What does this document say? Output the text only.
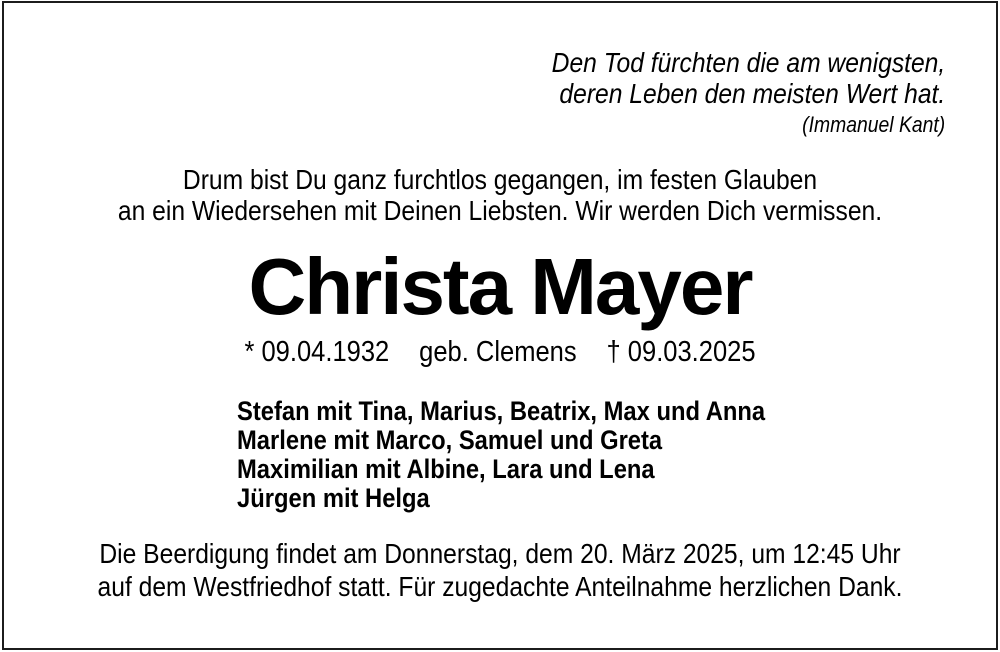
Den Tod fürchten die am wenigsten,
deren Leben den meisten Wert hat.
(Immanuel Kant)
Drum bist Du ganz furchtlos gegangen, im festen Glauben
an ein Wiedersehen mit Deinen Liebsten. Wir werden Dich vermissen.
Christa Mayer
* 09.04.1932 geb. Clemens † 09.03.2025
Stefan mit Tina, Marius, Beatrix, Max und Anna
Marlene mit Marco, Samuel und Greta
Maximilian mit Albine, Lara und Lena
Jürgen mit Helga
Die Beerdigung findet am Donnerstag, dem 20. März 2025, um 12:45 Uhr
auf dem Westfriedhof statt. Für zugedachte Anteilnahme herzlichen Dank.
